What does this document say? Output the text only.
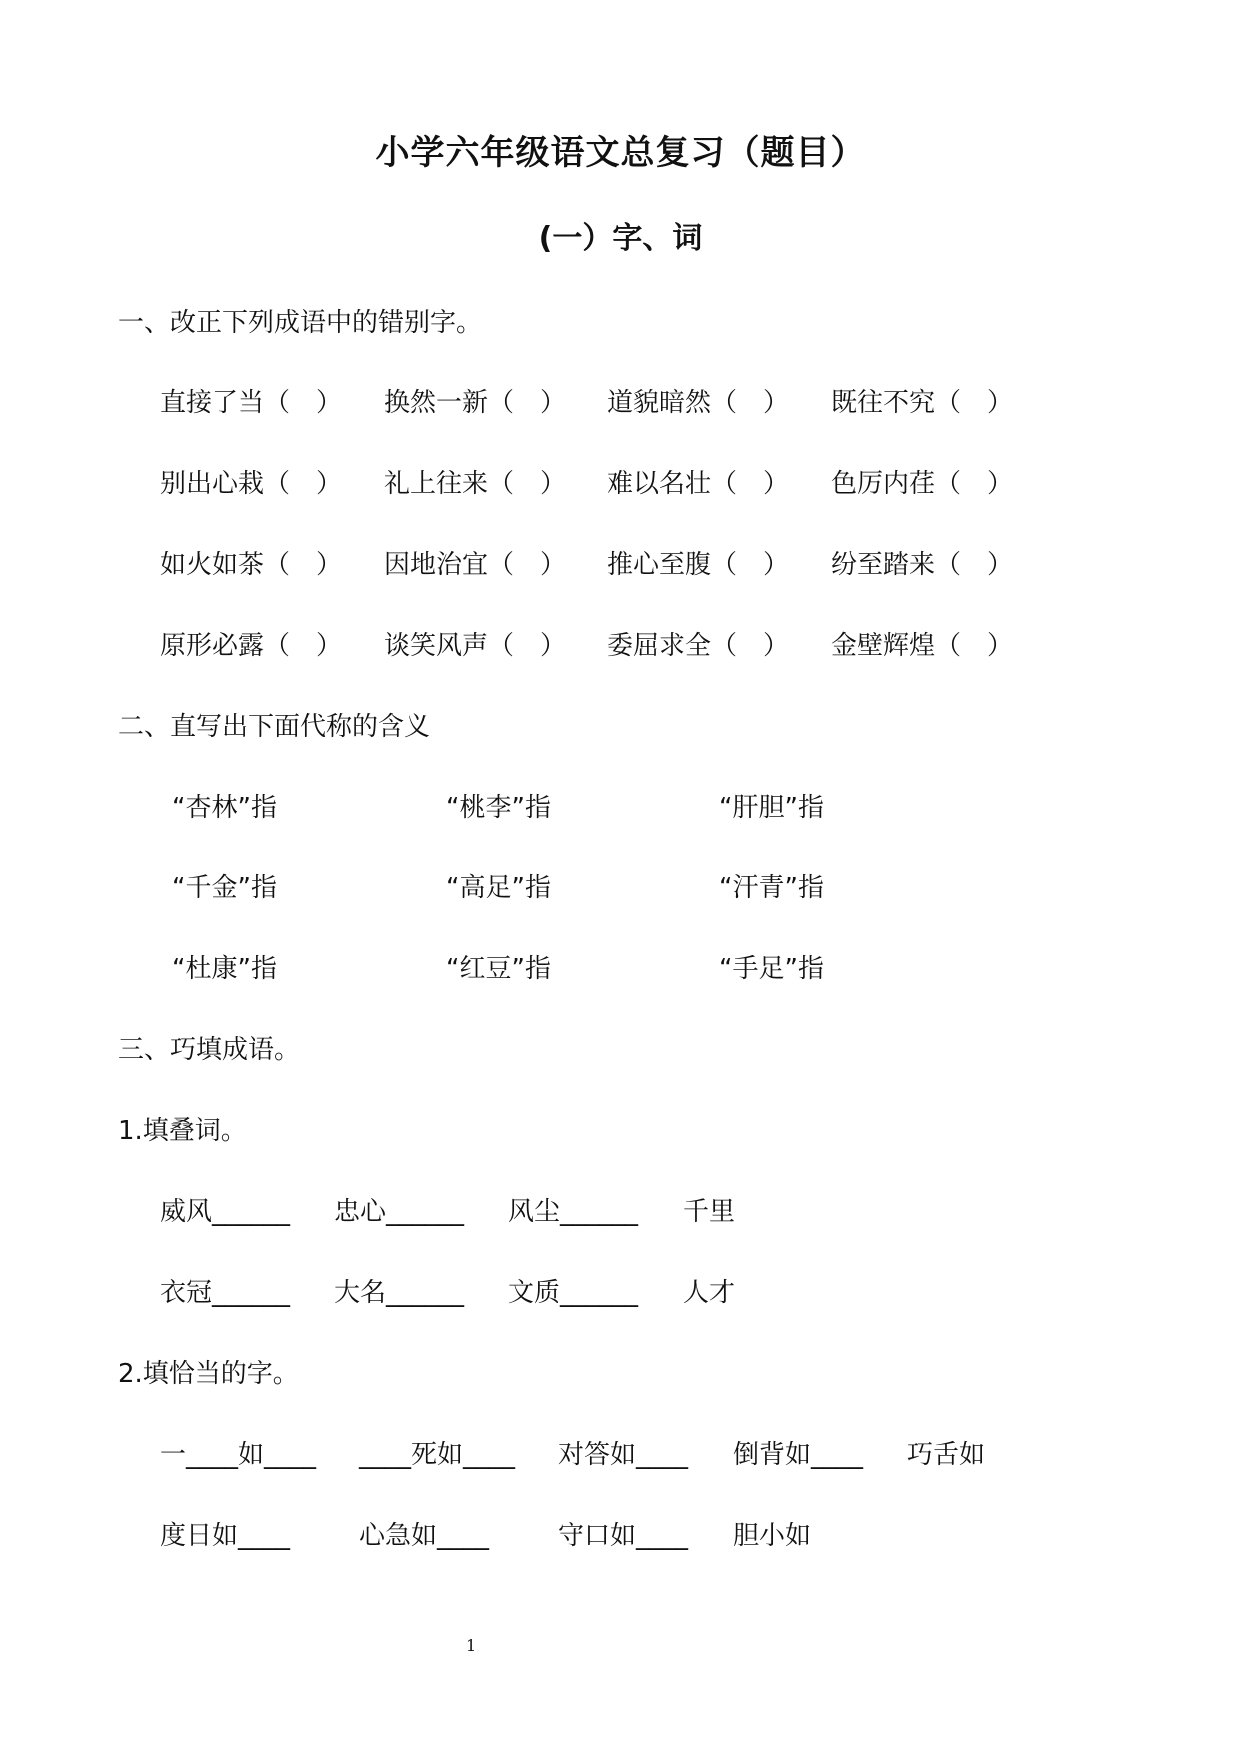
小学六年级语文总复习（题目）
(一）字、词
一、改正下列成语中的错别字。
直接了当（　） 换然一新（　） 道貌暗然（　） 既往不究（　）
别出心栽（　） 礼上往来（　） 难以名壮（　） 色厉内荏（　）
如火如茶（　） 因地治宜（　） 推心至腹（　） 纷至踏来（　）
原形必露（　） 谈笑风声（　） 委屈求全（　） 金壁辉煌（　）
二、直写出下面代称的含义
“杏林”指	“桃李”指	“肝胆”指
“千金”指	“高足”指	“汗青”指
“杜康”指	“红豆”指	“手足”指
三、巧填成语。
1.填叠词。
威风______ 忠心______ 风尘______ 千里
衣冠______ 大名______ 文质______ 人才
2.填恰当的字。
一____如____ ____死如____ 对答如____ 倒背如____ 巧舌如
度日如____	心急如____	守口如____ 胆小如
1
